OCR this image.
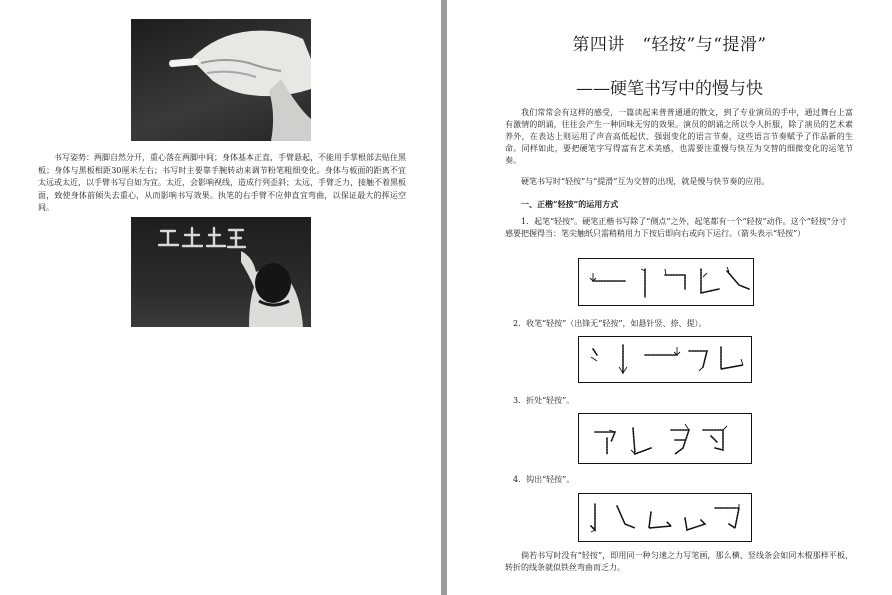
书写姿势：两脚自然分开，重心落在两脚中间；身体基本正直，手臂悬起，不能用手掌根部去贴住黑板；身体与黑板相距30厘米左右；书写时主要靠手腕转动来调节粉笔粗细变化。身体与板面的距离不宜太远或太近，以手臂书写自如为宜。太近，会影响视线，造成行列歪斜；太远，手臂乏力，接触不着黑板面，致使身体前倾失去重心，从而影响书写效果。执笔的右手臂不应伸直宜弯曲，以保证最大的挥运空间。
第四讲　“轻按”与“提滑”
——硬笔书写中的慢与快
我们常常会有这样的感受，一篇读起来普普通通的散文，到了专业演员的手中，通过舞台上富有激情的朗诵，往往会产生一种回味无穷的效果。演员的朗诵之所以令人折服，除了演员的艺术素养外，在表达上则运用了声音高低起伏、强弱变化的语言节奏，这些语言节奏赋予了作品新的生命。同样如此，要把硬笔字写得富有艺术美感，也需要注重慢与快互为交替的细微变化的运笔节奏。
硬笔书写时“轻按”与“提滑”互为交替的出现，就是慢与快节奏的应用。
一、正楷“轻按”的运用方式
1．起笔“轻按”。硬笔正楷书写除了“侧点”之外，起笔都有一个“轻按”动作。这个“轻按”分寸感要把握得当：笔尖触纸只需稍稍用力下按后即向右或向下运行。（箭头表示“轻按”）
2．收笔“轻按”（出锋无“轻按”，如悬针竖、捺、提）。
3．折处“轻按”。
4．钩出“轻按”。
倘若书写时没有“轻按”，即用同一种匀速之力写笔画，那么横、竖线条会如同木棍那样平板，转折的线条就似铁丝弯曲而乏力。
